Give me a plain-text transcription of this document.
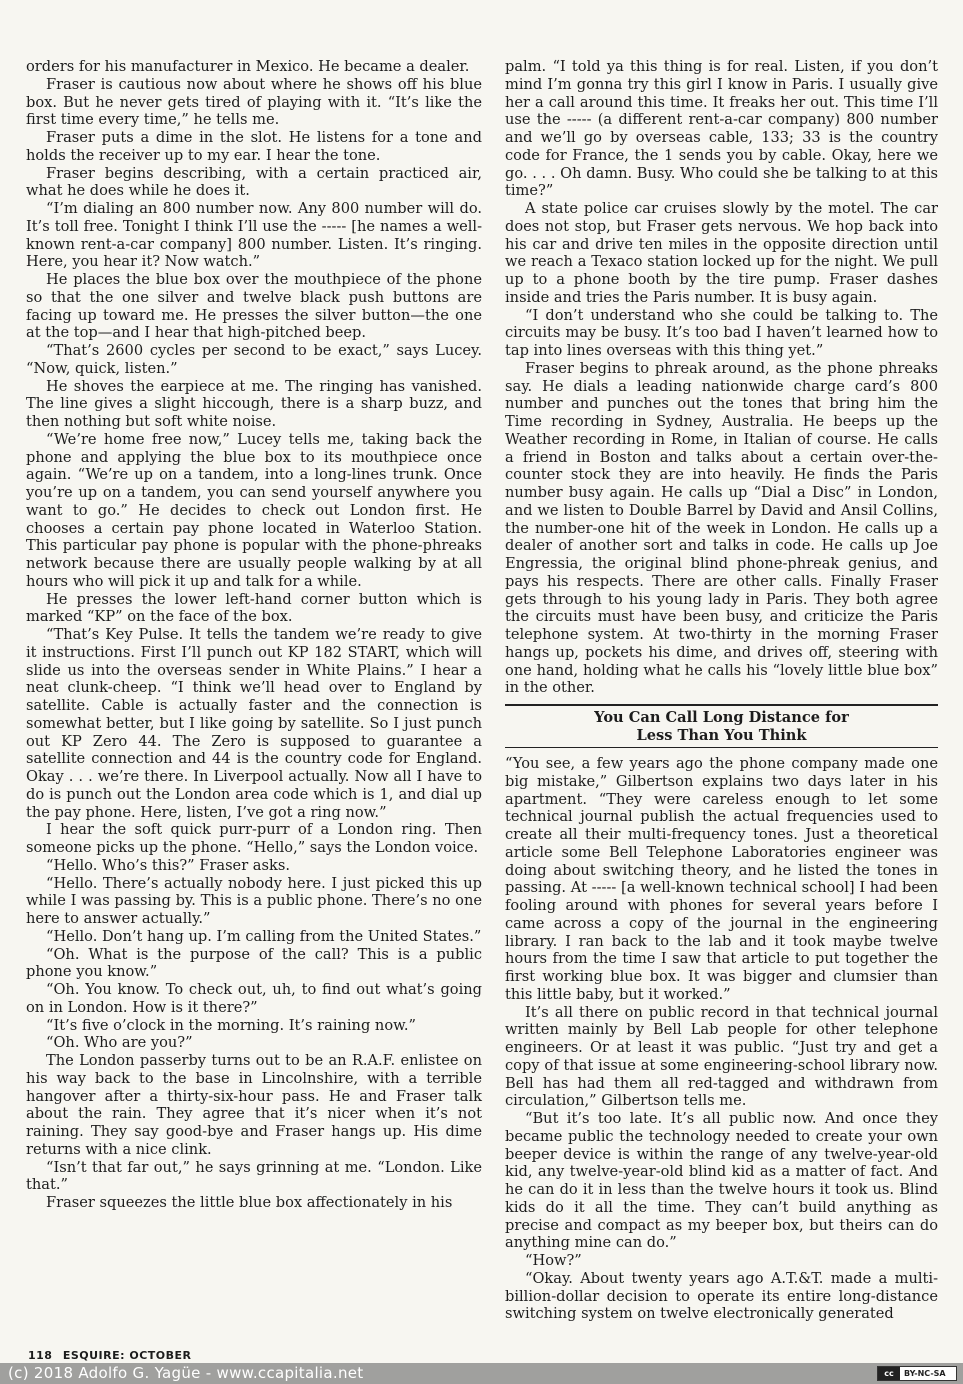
orders for his manufacturer in Mexico. He became a dealer.

Fraser is cautious now about where he shows off his blue box. But he never gets tired of playing with it. “It’s like the first time every time,” he tells me.

Fraser puts a dime in the slot. He listens for a tone and holds the receiver up to my ear. I hear the tone.

Fraser begins describing, with a certain practiced air, what he does while he does it.

“I’m dialing an 800 number now. Any 800 number will do. It’s toll free. Tonight I think I’ll use the ----- [he names a well-known rent-a-car company] 800 number. Listen. It’s ringing. Here, you hear it? Now watch.”

He places the blue box over the mouthpiece of the phone so that the one silver and twelve black push buttons are facing up toward me. He presses the silver button—the one at the top—and I hear that high-pitched beep.

“That’s 2600 cycles per second to be exact,” says Lucey. “Now, quick, listen.”

He shoves the earpiece at me. The ringing has vanished. The line gives a slight hiccough, there is a sharp buzz, and then nothing but soft white noise.

“We’re home free now,” Lucey tells me, taking back the phone and applying the blue box to its mouthpiece once again. “We’re up on a tandem, into a long-lines trunk. Once you’re up on a tandem, you can send yourself anywhere you want to go.” He decides to check out London first. He chooses a certain pay phone located in Waterloo Station. This particular pay phone is popular with the phone-phreaks network because there are usually people walking by at all hours who will pick it up and talk for a while.

He presses the lower left-hand corner button which is marked “KP” on the face of the box.

“That’s Key Pulse. It tells the tandem we’re ready to give it instructions. First I’ll punch out KP 182 START, which will slide us into the overseas sender in White Plains.” I hear a neat clunk-cheep. “I think we’ll head over to England by satellite. Cable is actually faster and the connection is somewhat better, but I like going by satellite. So I just punch out KP Zero 44. The Zero is supposed to guarantee a satellite connection and 44 is the country code for England. Okay . . . we’re there. In Liverpool actually. Now all I have to do is punch out the London area code which is 1, and dial up the pay phone. Here, listen, I’ve got a ring now.”

I hear the soft quick purr-purr of a London ring. Then someone picks up the phone. “Hello,” says the London voice.

“Hello. Who’s this?” Fraser asks.

“Hello. There’s actually nobody here. I just picked this up while I was passing by. This is a public phone. There’s no one here to answer actually.”

“Hello. Don’t hang up. I’m calling from the United States.”

“Oh. What is the purpose of the call? This is a public phone you know.”

“Oh. You know. To check out, uh, to find out what’s going on in London. How is it there?”

“It’s five o’clock in the morning. It’s raining now.”

“Oh. Who are you?”

The London passerby turns out to be an R.A.F. enlistee on his way back to the base in Lincolnshire, with a terrible hangover after a thirty-six-hour pass. He and Fraser talk about the rain. They agree that it’s nicer when it’s not raining. They say good-bye and Fraser hangs up. His dime returns with a nice clink.

“Isn’t that far out,” he says grinning at me. “London. Like that.”

Fraser squeezes the little blue box affectionately in his

palm. “I told ya this thing is for real. Listen, if you don’t mind I’m gonna try this girl I know in Paris. I usually give her a call around this time. It freaks her out. This time I’ll use the ----- (a different rent-a-car company) 800 number and we’ll go by overseas cable, 133; 33 is the country code for France, the 1 sends you by cable. Okay, here we go. . . . Oh damn. Busy. Who could she be talking to at this time?”

A state police car cruises slowly by the motel. The car does not stop, but Fraser gets nervous. We hop back into his car and drive ten miles in the opposite direction until we reach a Texaco station locked up for the night. We pull up to a phone booth by the tire pump. Fraser dashes inside and tries the Paris number. It is busy again.

“I don’t understand who she could be talking to. The circuits may be busy. It’s too bad I haven’t learned how to tap into lines overseas with this thing yet.”

Fraser begins to phreak around, as the phone phreaks say. He dials a leading nationwide charge card’s 800 number and punches out the tones that bring him the Time recording in Sydney, Australia. He beeps up the Weather recording in Rome, in Italian of course. He calls a friend in Boston and talks about a certain over-the-counter stock they are into heavily. He finds the Paris number busy again. He calls up “Dial a Disc” in London, and we listen to Double Barrel by David and Ansil Collins, the number-one hit of the week in London. He calls up a dealer of another sort and talks in code. He calls up Joe Engressia, the original blind phone-phreak genius, and pays his respects. There are other calls. Finally Fraser gets through to his young lady in Paris. They both agree the circuits must have been busy, and criticize the Paris telephone system. At two-thirty in the morning Fraser hangs up, pockets his dime, and drives off, steering with one hand, holding what he calls his “lovely little blue box” in the other.

You Can Call Long Distance for
Less Than You Think

“You see, a few years ago the phone company made one big mistake,” Gilbertson explains two days later in his apartment. “They were careless enough to let some technical journal publish the actual frequencies used to create all their multi-frequency tones. Just a theoretical article some Bell Telephone Laboratories engineer was doing about switching theory, and he listed the tones in passing. At ----- [a well-known technical school] I had been fooling around with phones for several years before I came across a copy of the journal in the engineering library. I ran back to the lab and it took maybe twelve hours from the time I saw that article to put together the first working blue box. It was bigger and clumsier than this little baby, but it worked.”

It’s all there on public record in that technical journal written mainly by Bell Lab people for other telephone engineers. Or at least it was public. “Just try and get a copy of that issue at some engineering-school library now. Bell has had them all red-tagged and withdrawn from circulation,” Gilbertson tells me.

“But it’s too late. It’s all public now. And once they became public the technology needed to create your own beeper device is within the range of any twelve-year-old kid, any twelve-year-old blind kid as a matter of fact. And he can do it in less than the twelve hours it took us. Blind kids do it all the time. They can’t build anything as precise and compact as my beeper box, but theirs can do anything mine can do.”

“How?”

“Okay. About twenty years ago A.T.&T. made a multi-billion-dollar decision to operate its entire long-distance switching system on twelve electronically generated

118 ESQUIRE: OCTOBER
(c) 2018 Adolfo G. Yagüe - www.ccapitalia.net	cc	BY-NC-SA
